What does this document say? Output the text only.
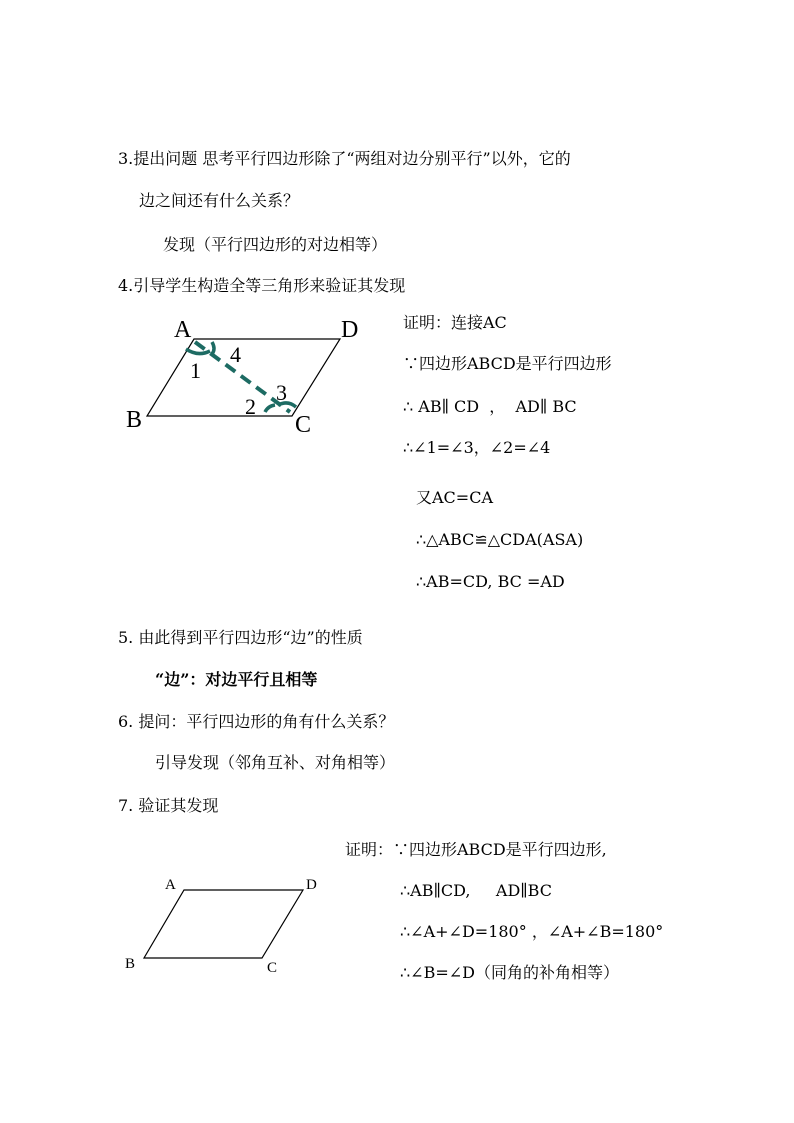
3.提出问题 思考平行四边形除了“两组对边分别平行”以外，它的
边之间还有什么关系？
发现（平行四边形的对边相等）
4.引导学生构造全等三角形来验证其发现
A	D
B	C
1
4
2
3
证明：连接AC
∵四边形ABCD是平行四边形
∴ AB∥ CD  ，  AD∥ BC
∴∠1=∠3，∠2=∠4
又AC=CA
∴△ABC≌△CDA(ASA)
∴AB=CD, BC =AD
5. 由此得到平行四边形“边”的性质
“边”：对边平行且相等
6. 提问：平行四边形的角有什么关系？
引导发现（邻角互补、对角相等）
7. 验证其发现
A	D
B	C
证明：∵四边形ABCD是平行四边形,
∴AB∥CD,     AD∥BC
∴∠A+∠D=180° ，∠A+∠B=180°
∴∠B=∠D（同角的补角相等）
